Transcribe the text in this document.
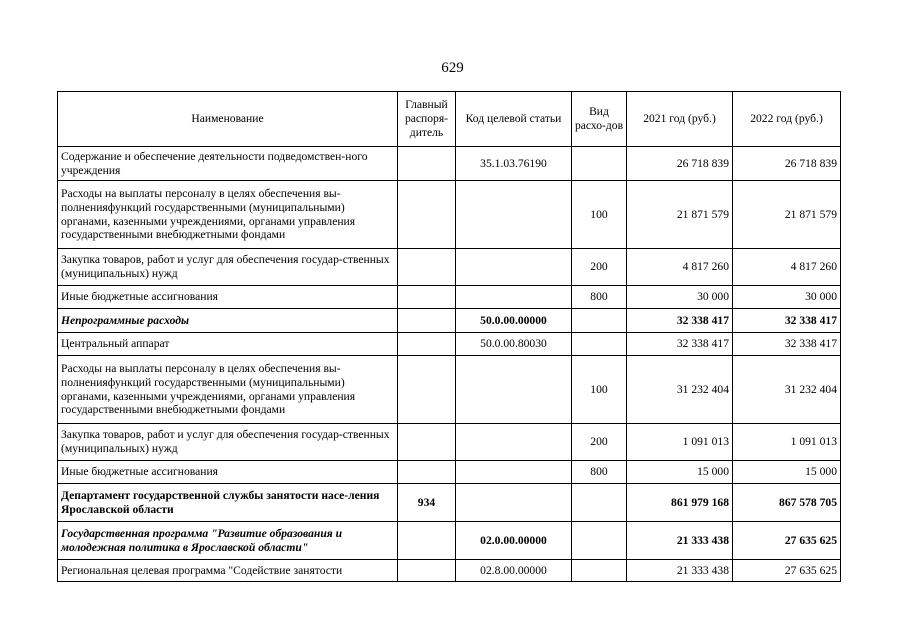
629
Наименование	Главный распоря-дитель	Код целевой статьи	Вид расхо-дов	2021 год (руб.)	2022 год (руб.)
Содержание и обеспечение деятельности подведомствен-ного учреждения		35.1.03.76190		26 718 839	26 718 839
Расходы на выплаты персоналу в целях обеспечения вы-полненияфункций государственными (муниципальными) органами, казенными учреждениями, органами управления государственными внебюджетными фондами			100	21 871 579	21 871 579
Закупка товаров, работ и услуг для обеспечения государ-ственных (муниципальных) нужд			200	4 817 260	4 817 260
Иные бюджетные ассигнования			800	30 000	30 000
Непрограммные расходы		50.0.00.00000		32 338 417	32 338 417
Центральный аппарат		50.0.00.80030		32 338 417	32 338 417
Расходы на выплаты персоналу в целях обеспечения вы-полненияфункций государственными (муниципальными) органами, казенными учреждениями, органами управления государственными внебюджетными фондами			100	31 232 404	31 232 404
Закупка товаров, работ и услуг для обеспечения государ-ственных (муниципальных) нужд			200	1 091 013	1 091 013
Иные бюджетные ассигнования			800	15 000	15 000
Департамент государственной службы занятости насе-ления Ярославской области	934			861 979 168	867 578 705
Государственная программа "Развитие образования и молодежная политика в Ярославской области"		02.0.00.00000		21 333 438	27 635 625
Региональная целевая программа "Содействие занятости		02.8.00.00000		21 333 438	27 635 625
